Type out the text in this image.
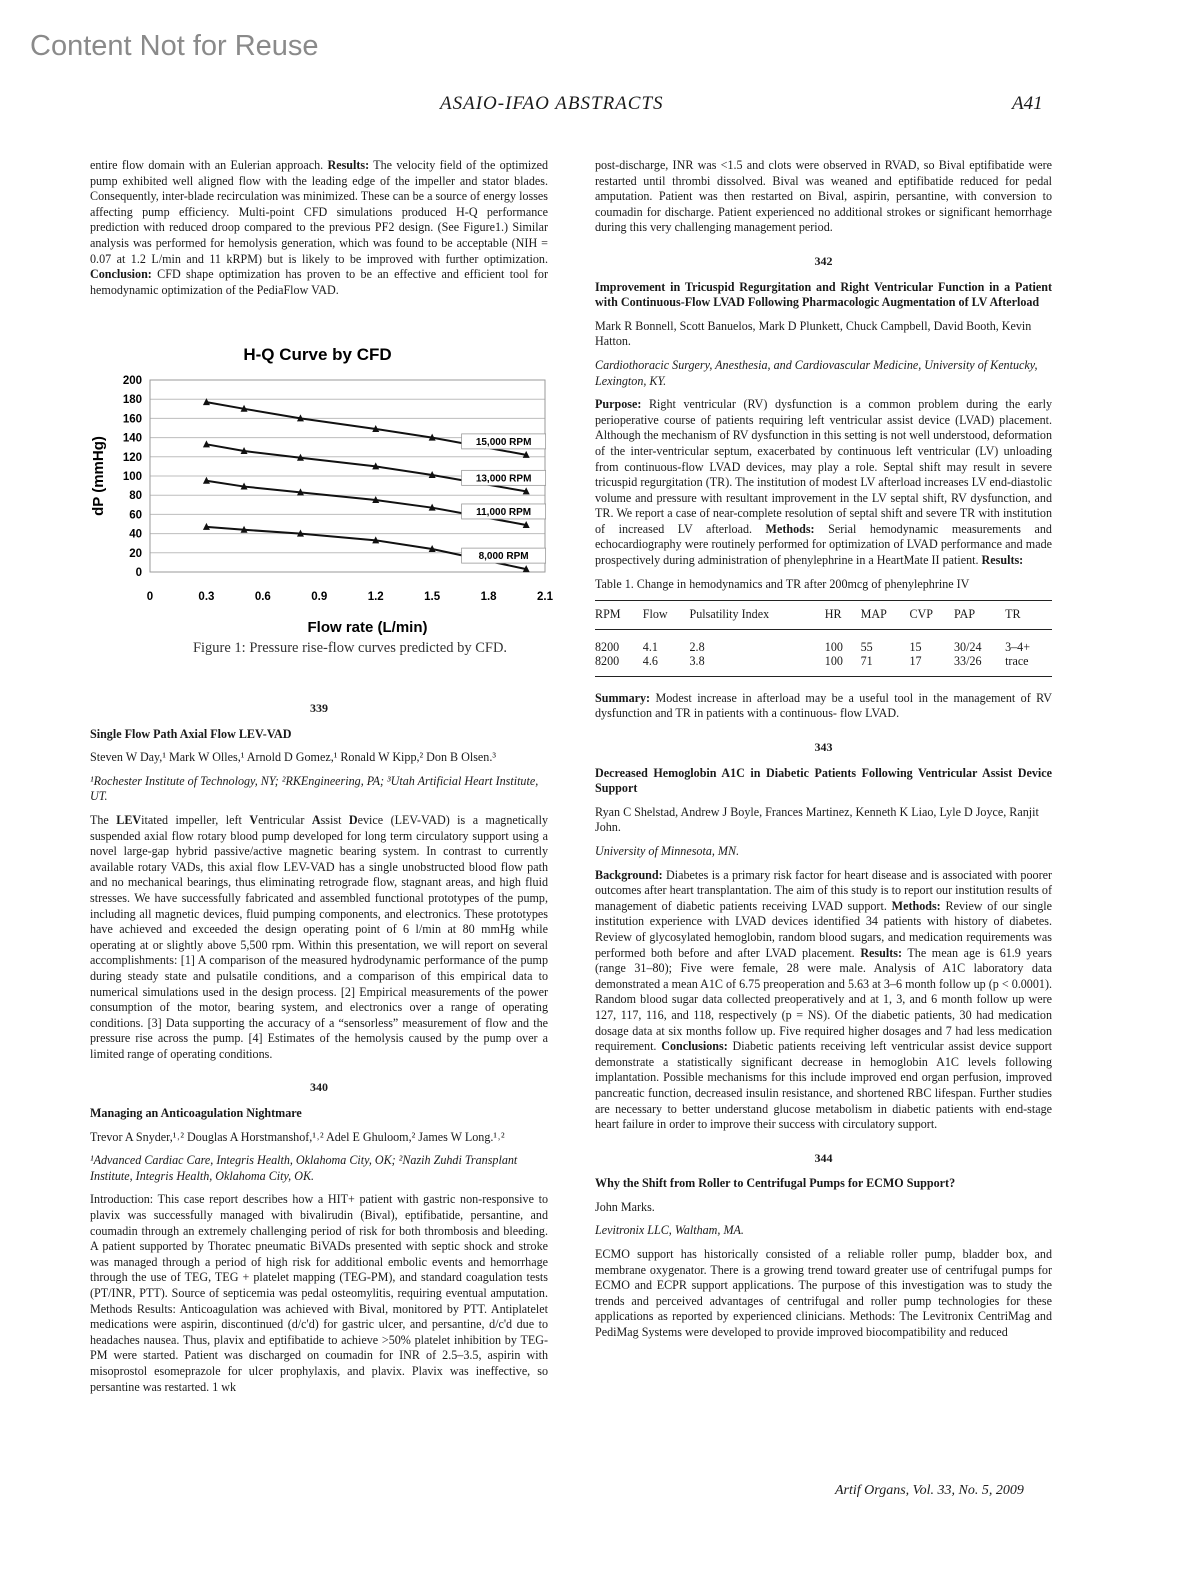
Content Not for Reuse
ASAIO-IFAO ABSTRACTS	A41

entire flow domain with an Eulerian approach. Results: The velocity field of the optimized pump exhibited well aligned flow with the leading edge of the impeller and stator blades. Consequently, inter-blade recirculation was minimized. These can be a source of energy losses affecting pump efficiency. Multi-point CFD simulations produced H-Q performance prediction with reduced droop compared to the previous PF2 design. (See Figure1.) Similar analysis was performed for hemolysis generation, which was found to be acceptable (NIH = 0.07 at 1.2 L/min and 11 kRPM) but is likely to be improved with further optimization. Conclusion: CFD shape optimization has proven to be an effective and efficient tool for hemodynamic optimization of the PediaFlow VAD.

H-Q Curve by CFD
0
20
40
60
80
100
120
140
160
180
200
0	0.3	0.6	0.9	1.2	1.5	1.8	2.1
Flow rate (L/min)
dP (mmHg)	15,000 RPM
13,000 RPM
11,000 RPM
8,000 RPM
Figure 1: Pressure rise-flow curves predicted by CFD.
339

Single Flow Path Axial Flow LEV-VAD

Steven W Day,¹ Mark W Olles,¹ Arnold D Gomez,¹ Ronald W Kipp,² Don B Olsen.³

¹Rochester Institute of Technology, NY; ²RKEngineering, PA; ³Utah Artificial Heart Institute, UT.

The LEVitated impeller, left Ventricular Assist Device (LEV-VAD) is a magnetically suspended axial flow rotary blood pump developed for long term circulatory support using a novel large-gap hybrid passive/active magnetic bearing system. In contrast to currently available rotary VADs, this axial flow LEV-VAD has a single unobstructed blood flow path and no mechanical bearings, thus eliminating retrograde flow, stagnant areas, and high fluid stresses. We have successfully fabricated and assembled functional prototypes of the pump, including all magnetic devices, fluid pumping components, and electronics. These prototypes have achieved and exceeded the design operating point of 6 l/min at 80 mmHg while operating at or slightly above 5,500 rpm. Within this presentation, we will report on several accomplishments: [1] A comparison of the measured hydrodynamic performance of the pump during steady state and pulsatile conditions, and a comparison of this empirical data to numerical simulations used in the design process. [2] Empirical measurements of the power consumption of the motor, bearing system, and electronics over a range of operating conditions. [3] Data supporting the accuracy of a “sensorless” measurement of flow and the pressure rise across the pump. [4] Estimates of the hemolysis caused by the pump over a limited range of operating conditions.

340

Managing an Anticoagulation Nightmare

Trevor A Snyder,¹˒² Douglas A Horstmanshof,¹˒² Adel E Ghuloom,² James W Long.¹˒²

¹Advanced Cardiac Care, Integris Health, Oklahoma City, OK; ²Nazih Zuhdi Transplant Institute, Integris Health, Oklahoma City, OK.

Introduction: This case report describes how a HIT+ patient with gastric non-responsive to plavix was successfully managed with bivalirudin (Bival), eptifibatide, persantine, and coumadin through an extremely challenging period of risk for both thrombosis and bleeding. A patient supported by Thoratec pneumatic BiVADs presented with septic shock and stroke was managed through a period of high risk for additional embolic events and hemorrhage through the use of TEG, TEG + platelet mapping (TEG-PM), and standard coagulation tests (PT/INR, PTT). Source of septicemia was pedal osteomylitis, requiring eventual amputation. Methods Results: Anticoagulation was achieved with Bival, monitored by PTT. Antiplatelet medications were aspirin, discontinued (d/c'd) for gastric ulcer, and persantine, d/c'd due to headaches nausea. Thus, plavix and eptifibatide to achieve >50% platelet inhibition by TEG-PM were started. Patient was discharged on coumadin for INR of 2.5–3.5, aspirin with misoprostol esomeprazole for ulcer prophylaxis, and plavix. Plavix was ineffective, so persantine was restarted. 1 wk

post-discharge, INR was <1.5 and clots were observed in RVAD, so Bival eptifibatide were restarted until thrombi dissolved. Bival was weaned and eptifibatide reduced for pedal amputation. Patient was then restarted on Bival, aspirin, persantine, with conversion to coumadin for discharge. Patient experienced no additional strokes or significant hemorrhage during this very challenging management period.

342

Improvement in Tricuspid Regurgitation and Right Ventricular Function in a Patient with Continuous-Flow LVAD Following Pharmacologic Augmentation of LV Afterload

Mark R Bonnell, Scott Banuelos, Mark D Plunkett, Chuck Campbell, David Booth, Kevin Hatton.

Cardiothoracic Surgery, Anesthesia, and Cardiovascular Medicine, University of Kentucky, Lexington, KY.

Purpose: Right ventricular (RV) dysfunction is a common problem during the early perioperative course of patients requiring left ventricular assist device (LVAD) placement. Although the mechanism of RV dysfunction in this setting is not well understood, deformation of the inter-ventricular septum, exacerbated by continuous left ventricular (LV) unloading from continuous-flow LVAD devices, may play a role. Septal shift may result in severe tricuspid regurgitation (TR). The institution of modest LV afterload increases LV end-diastolic volume and pressure with resultant improvement in the LV septal shift, RV dysfunction, and TR. We report a case of near-complete resolution of septal shift and severe TR with institution of increased LV afterload. Methods: Serial hemodynamic measurements and echocardiography were routinely performed for optimization of LVAD performance and made prospectively during administration of phenylephrine in a HeartMate II patient. Results:

Table 1. Change in hemodynamics and TR after 200mcg of phenylephrine IV

RPM	Flow	Pulsatility Index	HR	MAP	CVP	PAP	TR
8200	4.1	2.8	100	55	15	30/24	3–4+
8200	4.6	3.8	100	71	17	33/26	trace

Summary: Modest increase in afterload may be a useful tool in the management of RV dysfunction and TR in patients with a continuous- flow LVAD.

343

Decreased Hemoglobin A1C in Diabetic Patients Following Ventricular Assist Device Support

Ryan C Shelstad, Andrew J Boyle, Frances Martinez, Kenneth K Liao, Lyle D Joyce, Ranjit John.

University of Minnesota, MN.

Background: Diabetes is a primary risk factor for heart disease and is associated with poorer outcomes after heart transplantation. The aim of this study is to report our institution results of management of diabetic patients receiving LVAD support. Methods: Review of our single institution experience with LVAD devices identified 34 patients with history of diabetes. Review of glycosylated hemoglobin, random blood sugars, and medication requirements was performed both before and after LVAD placement. Results: The mean age is 61.9 years (range 31–80); Five were female, 28 were male. Analysis of A1C laboratory data demonstrated a mean A1C of 6.75 preoperation and 5.63 at 3–6 month follow up (p < 0.0001). Random blood sugar data collected preoperatively and at 1, 3, and 6 month follow up were 127, 117, 116, and 118, respectively (p = NS). Of the diabetic patients, 30 had medication dosage data at six months follow up. Five required higher dosages and 7 had less medication requirement. Conclusions: Diabetic patients receiving left ventricular assist device support demonstrate a statistically significant decrease in hemoglobin A1C levels following implantation. Possible mechanisms for this include improved end organ perfusion, improved pancreatic function, decreased insulin resistance, and shortened RBC lifespan. Further studies are necessary to better understand glucose metabolism in diabetic patients with end-stage heart failure in order to improve their success with circulatory support.

344

Why the Shift from Roller to Centrifugal Pumps for ECMO Support?

John Marks.

Levitronix LLC, Waltham, MA.

ECMO support has historically consisted of a reliable roller pump, bladder box, and membrane oxygenator. There is a growing trend toward greater use of centrifugal pumps for ECMO and ECPR support applications. The purpose of this investigation was to study the trends and perceived advantages of centrifugal and roller pump technologies for these applications as reported by experienced clinicians. Methods: The Levitronix CentriMag and PediMag Systems were developed to provide improved biocompatibility and reduced

Artif Organs, Vol. 33, No. 5, 2009
